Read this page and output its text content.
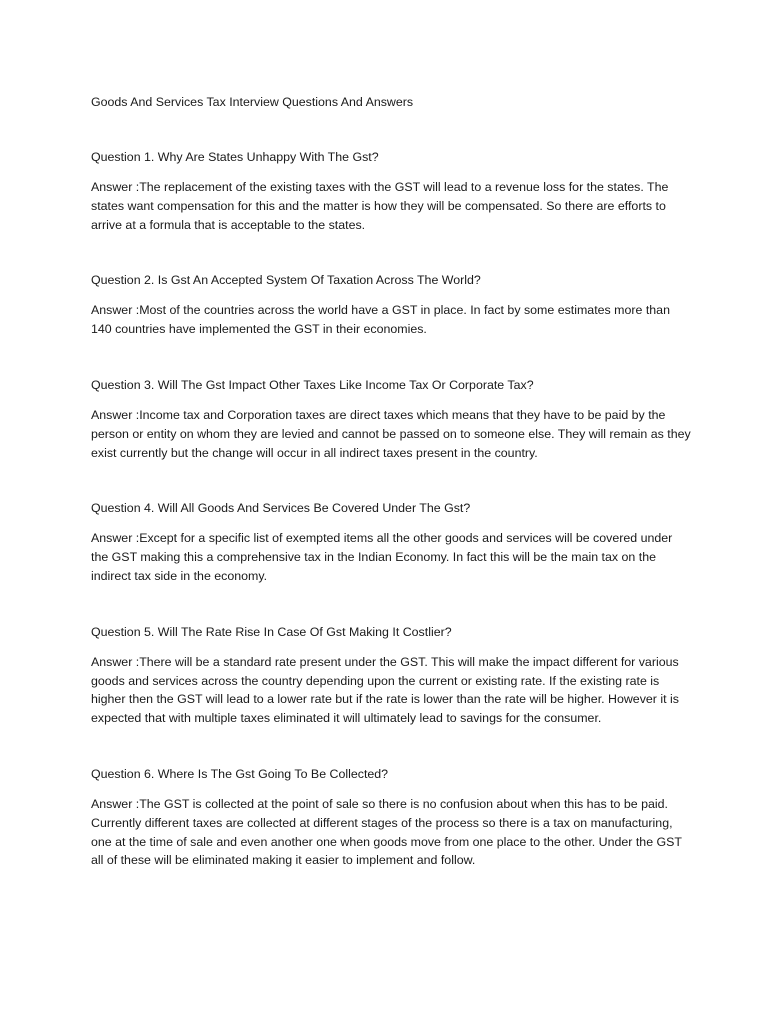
Goods And Services Tax Interview Questions And Answers
Question 1. Why Are States Unhappy With The Gst?
Answer :The replacement of the existing taxes with the GST will lead to a revenue loss for the states. The states want compensation for this and the matter is how they will be compensated. So there are efforts to arrive at a formula that is acceptable to the states.
Question 2. Is Gst An Accepted System Of Taxation Across The World?
Answer :Most of the countries across the world have a GST in place. In fact by some estimates more than 140 countries have implemented the GST in their economies.
Question 3. Will The Gst Impact Other Taxes Like Income Tax Or Corporate Tax?
Answer :Income tax and Corporation taxes are direct taxes which means that they have to be paid by the person or entity on whom they are levied and cannot be passed on to someone else. They will remain as they exist currently but the change will occur in all indirect taxes present in the country.
Question 4. Will All Goods And Services Be Covered Under The Gst?
Answer :Except for a specific list of exempted items all the other goods and services will be covered under the GST making this a comprehensive tax in the Indian Economy. In fact this will be the main tax on the indirect tax side in the economy.
Question 5. Will The Rate Rise In Case Of Gst Making It Costlier?
Answer :There will be a standard rate present under the GST. This will make the impact different for various goods and services across the country depending upon the current or existing rate. If the existing rate is higher then the GST will lead to a lower rate but if the rate is lower than the rate will be higher. However it is expected that with multiple taxes eliminated it will ultimately lead to savings for the consumer.
Question 6. Where Is The Gst Going To Be Collected?
Answer :The GST is collected at the point of sale so there is no confusion about when this has to be paid. Currently different taxes are collected at different stages of the process so there is a tax on manufacturing, one at the time of sale and even another one when goods move from one place to the other. Under the GST all of these will be eliminated making it easier to implement and follow.
